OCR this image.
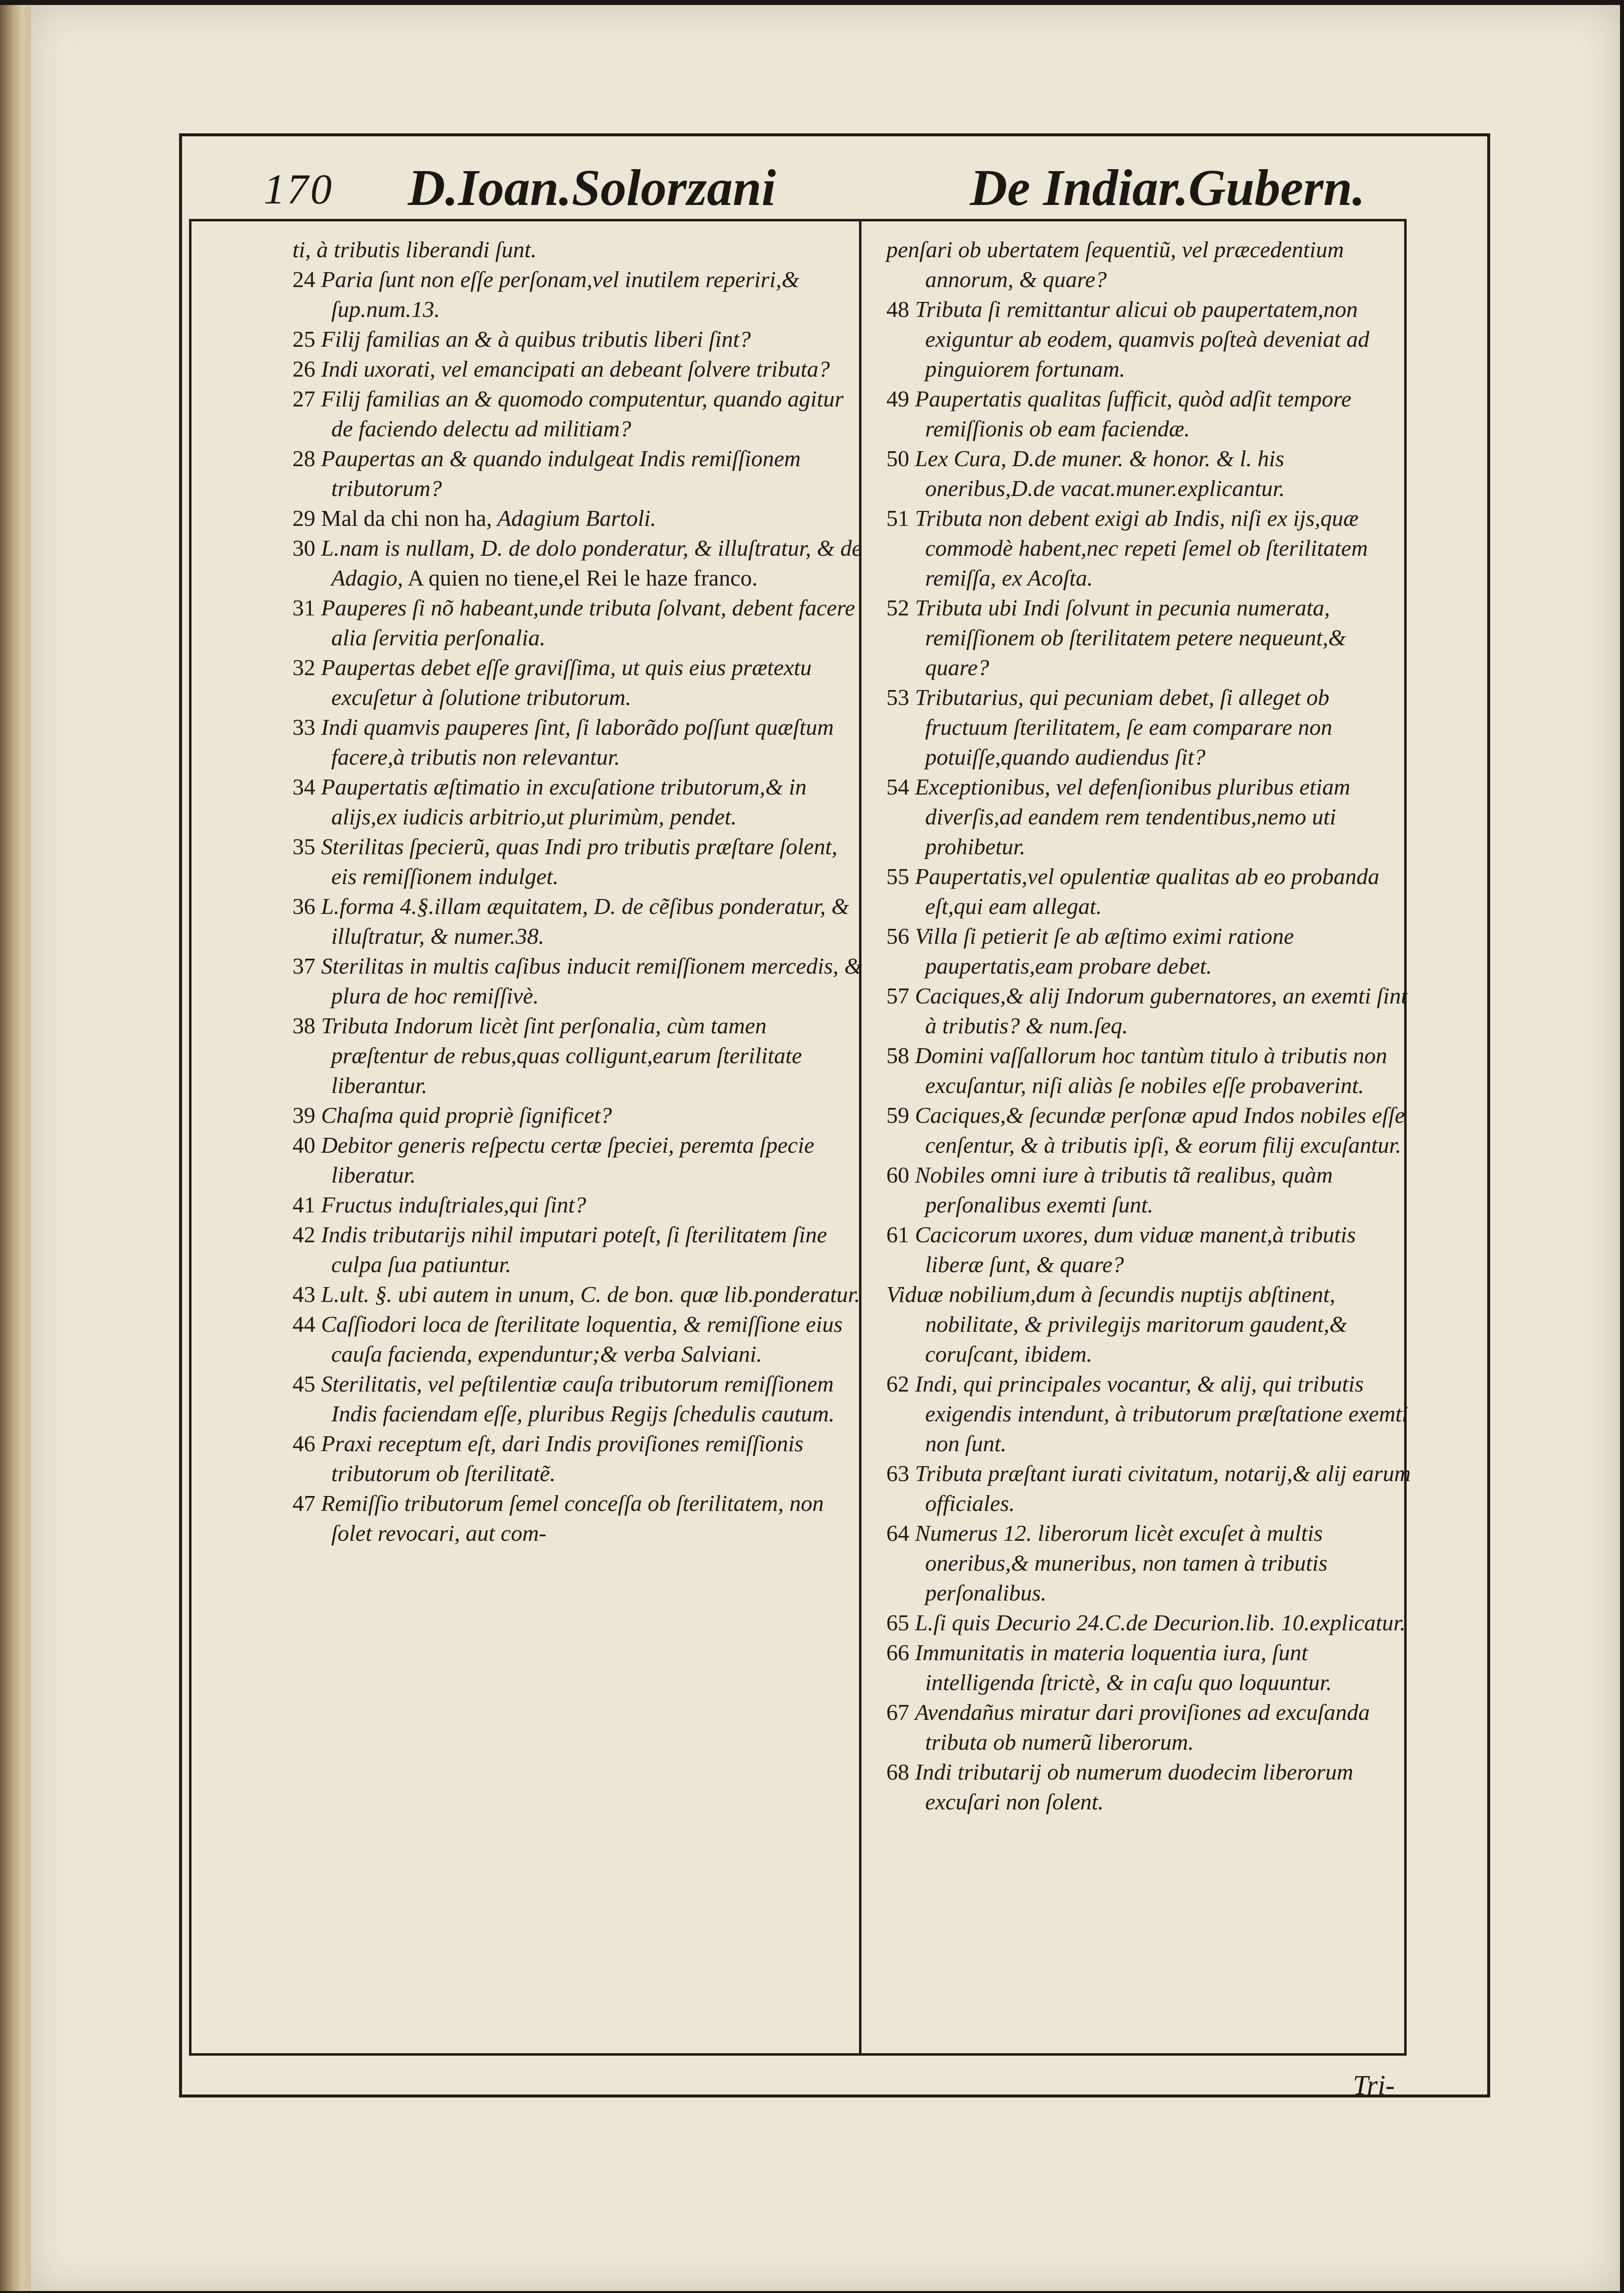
170 D.Ioan.Solorzani	De Indiar.Gubern.
ti, à tributis liberandi ſunt.
24 Paria ſunt non eſſe perſonam,vel inutilem reperiri,& ſup.num.13.
25 Filij familias an & à quibus tributis liberi ſint?
26 Indi uxorati, vel emancipati an debeant ſolvere tributa?
27 Filij familias an & quomodo computentur, quando agitur de faciendo delectu ad militiam?
28 Paupertas an & quando indulgeat Indis remiſſionem tributorum?
29 Mal da chi non ha, Adagium Bartoli.
30 L.nam is nullam, D. de dolo ponderatur, & illuſtratur, & de Adagio, A quien no tiene,el Rei le haze franco.
31 Pauperes ſi nõ habeant,unde tributa ſolvant, debent facere alia ſervitia perſonalia.
32 Paupertas debet eſſe graviſſima, ut quis eius prætextu excuſetur à ſolutione tributorum.
33 Indi quamvis pauperes ſint, ſi laborãdo poſſunt quæſtum facere,à tributis non relevantur.
34 Paupertatis æſtimatio in excuſatione tributorum,& in alijs,ex iudicis arbitrio,ut plurimùm, pendet.
35 Sterilitas ſpecierũ, quas Indi pro tributis præſtare ſolent, eis remiſſionem indulget.
36 L.forma 4.§.illam æquitatem, D. de cẽſibus ponderatur, & illuſtratur, & numer.38.
37 Sterilitas in multis caſibus inducit remiſſionem mercedis, & plura de hoc remiſſivè.
38 Tributa Indorum licèt ſint perſonalia, cùm tamen præſtentur de rebus,quas colligunt,earum ſterilitate liberantur.
39 Chaſma quid propriè ſignificet?
40 Debitor generis reſpectu certæ ſpeciei, peremta ſpecie liberatur.
41 Fructus induſtriales,qui ſint?
42 Indis tributarijs nihil imputari poteſt, ſi ſterilitatem ſine culpa ſua patiuntur.
43 L.ult. §. ubi autem in unum, C. de bon. quæ lib.ponderatur.
44 Caſſiodori loca de ſterilitate loquentia, & remiſſione eius cauſa facienda, expenduntur;& verba Salviani.
45 Sterilitatis, vel peſtilentiæ cauſa tributorum remiſſionem Indis faciendam eſſe, pluribus Regijs ſchedulis cautum.
46 Praxi receptum eſt, dari Indis proviſiones remiſſionis tributorum ob ſterilitatẽ.
47 Remiſſio tributorum ſemel conceſſa ob ſterilitatem, non ſolet revocari, aut com-
penſari ob ubertatem ſequentiũ, vel præcedentium annorum, & quare?
48 Tributa ſi remittantur alicui ob paupertatem,non exiguntur ab eodem, quamvis poſteà deveniat ad pinguiorem fortunam.
49 Paupertatis qualitas ſufficit, quòd adſit tempore remiſſionis ob eam faciendæ.
50 Lex Cura, D.de muner. & honor. & l. his oneribus,D.de vacat.muner.explicantur.
51 Tributa non debent exigi ab Indis, niſi ex ijs,quæ commodè habent,nec repeti ſemel ob ſterilitatem remiſſa, ex Acoſta.
52 Tributa ubi Indi ſolvunt in pecunia numerata, remiſſionem ob ſterilitatem petere nequeunt,& quare?
53 Tributarius, qui pecuniam debet, ſi alleget ob fructuum ſterilitatem, ſe eam comparare non potuiſſe,quando audiendus ſit?
54 Exceptionibus, vel defenſionibus pluribus etiam diverſis,ad eandem rem tendentibus,nemo uti prohibetur.
55 Paupertatis,vel opulentiæ qualitas ab eo probanda eſt,qui eam allegat.
56 Villa ſi petierit ſe ab æſtimo eximi ratione paupertatis,eam probare debet.
57 Caciques,& alij Indorum gubernatores, an exemti ſint à tributis? & num.ſeq.
58 Domini vaſſallorum hoc tantùm titulo à tributis non excuſantur, niſi aliàs ſe nobiles eſſe probaverint.
59 Caciques,& ſecundæ perſonæ apud Indos nobiles eſſe cenſentur, & à tributis ipſi, & eorum filij excuſantur.
60 Nobiles omni iure à tributis tã realibus, quàm perſonalibus exemti ſunt.
61 Cacicorum uxores, dum viduæ manent,à tributis liberæ ſunt, & quare?
Viduæ nobilium,dum à ſecundis nuptijs abſtinent, nobilitate, & privilegijs maritorum gaudent,& coruſcant, ibidem.
62 Indi, qui principales vocantur, & alij, qui tributis exigendis intendunt, à tributorum præſtatione exemti non ſunt.
63 Tributa præſtant iurati civitatum, notarij,& alij earum officiales.
64 Numerus 12. liberorum licèt excuſet à multis oneribus,& muneribus, non tamen à tributis perſonalibus.
65 L.ſi quis Decurio 24.C.de Decurion.lib. 10.explicatur.
66 Immunitatis in materia loquentia iura, ſunt intelligenda ſtrictè, & in caſu quo loquuntur.
67 Avendañus miratur dari proviſiones ad excuſanda tributa ob numerũ liberorum.
68 Indi tributarij ob numerum duodecim liberorum excuſari non ſolent.
Tri-
